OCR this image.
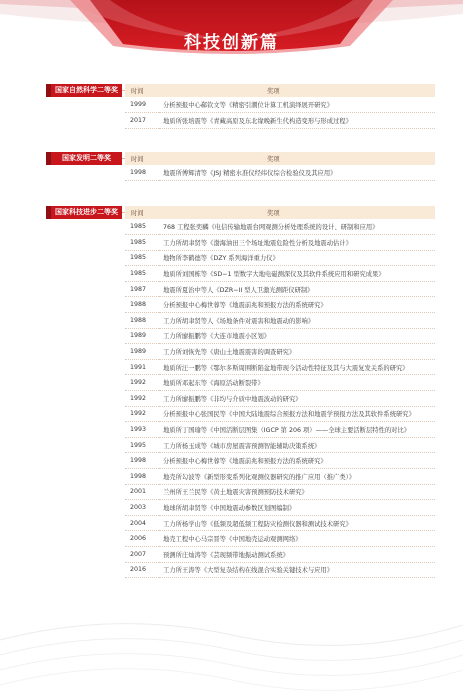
科技创新篇
国家自然科学二等奖	时间	奖项
1999	分析预报中心郗钦文等《精密引潮位计算工机演绎展开研究》
2017	地质所张培震等《青藏高原及东北缘晚新生代构造变形与形成过程》
国家发明二等奖	时间	奖项
1998	地震所傅辉清等《JSJ 精密水准仪经纬仪综合检验仪及其应用》
国家科技进步二等奖	时间	奖项
1985	768 工程张奕麟《电信传输地震台网观测分析处理系统的设计、研制和应用》
1985	工力所胡聿贤等《渤海油田三个场址地震危险性分析及地震动估计》
1985	地物所李鹤德等《DZY 系列海洋重力仪》
1985	地质所刘国栋等《SD−1 型数字大地电磁测深仪及其软件系统应用和研究成果》
1987	地震所夏治中等人《DZR−II 型人卫激光测距仪研制》
1988	分析预报中心梅世蓉等《地震前兆和预报方法的系统研究》
1988	工力所胡聿贤等人《场地条件对震害和地震动的影响》
1989	工力所廖振鹏等《大连市地震小区划》
1989	工力所刘恢先等《唐山土地震震害的调查研究》
1991	地质所汪一鹏等《鄂尔多斯周围断陷盆地带现今活动性特征及其与大震复发关系的研究》
1992	地质所邓起东等《海原活动断裂带》
1992	工力所廖振鹏等《非均与介质中地震波动的研究》
1992	分析预报中心张国民等《中国大陆地震综合预报方法和地震学预报方法及其软件系统研究》
1993	地质所丁国瑜等《中国活断层图集（IGCP 第 206 项）——全球主要活断层特性的对比》
1995	工力所杨玉成等《城市房屋震害预测智能辅助决策系统》
1998	分析预报中心梅世蓉等《地震前兆和预报方法的系统研究》
1998	地壳所勾波等《新型形变系列化观测仪器研究的推广应用（推广类）》
2001	兰州所王兰民等《黄土地震灾害预测预防技术研究》
2003	地球所胡聿贤等《中国地震动参数区划图编制》
2004	工力所杨学山等《低频及超低频工程防灾检测仪器和测试技术研究》
2006	地壳工程中心马宗晋等《中国地壳运动观测网络》
2007	预测所庄灿涛等《芸现频带地振动测试系统》
2016	工力所王涛等《大型复杂结构在线混合实验关键技术与应用》
